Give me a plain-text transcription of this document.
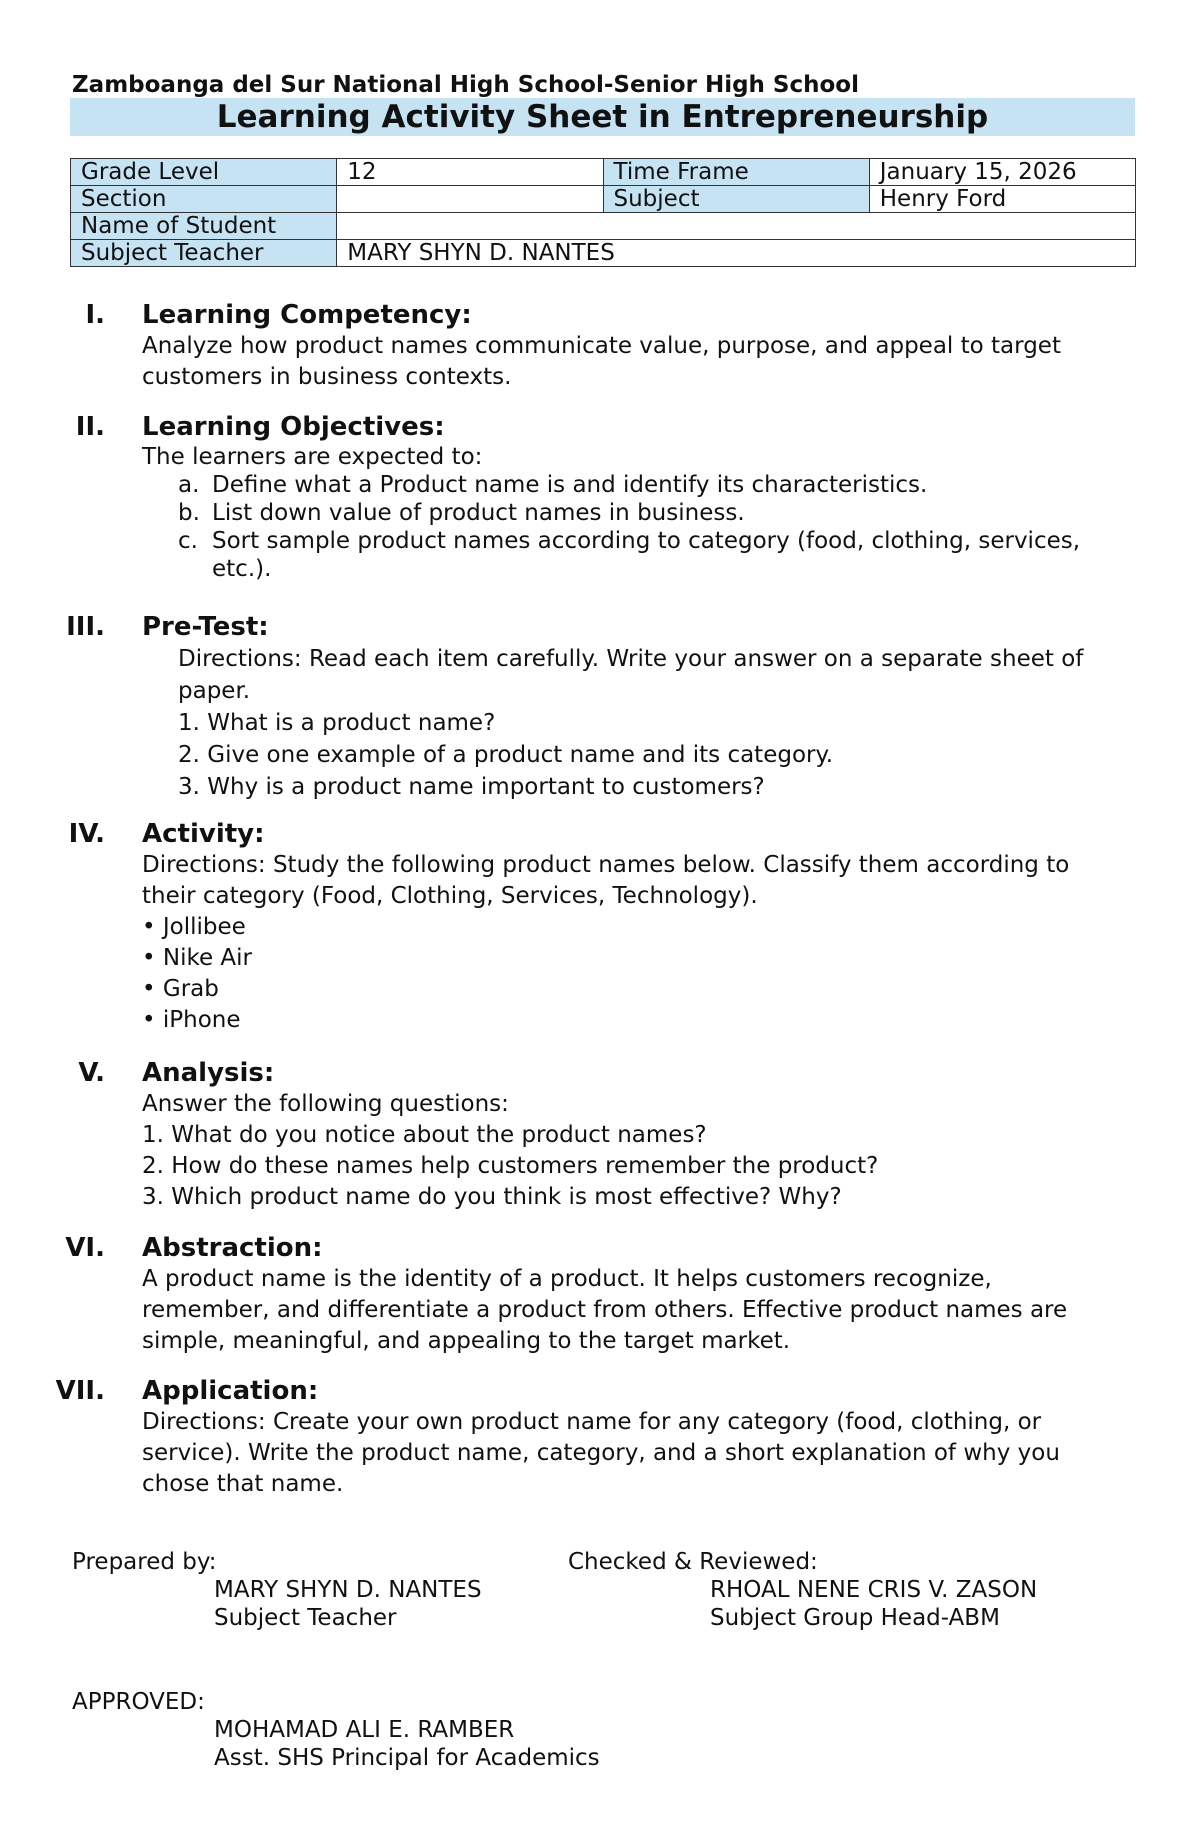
Zamboanga del Sur National High School-Senior High School
Learning Activity Sheet in Entrepreneurship
Grade Level	12	Time Frame	January 15, 2026
Section		Subject	Henry Ford
Name of Student			
Subject Teacher	MARY SHYN D. NANTES		
I. Learning Competency:
Analyze how product names communicate value, purpose, and appeal to target
customers in business contexts.
II. Learning Objectives:
The learners are expected to:
a. Define what a Product name is and identify its characteristics.
b. List down value of product names in business.
c. Sort sample product names according to category (food, clothing, services,
etc.).
III. Pre-Test:
Directions: Read each item carefully. Write your answer on a separate sheet of
paper.
1. What is a product name?
2. Give one example of a product name and its category.
3. Why is a product name important to customers?
IV. Activity:
Directions: Study the following product names below. Classify them according to
their category (Food, Clothing, Services, Technology).
• Jollibee
• Nike Air
• Grab
• iPhone
V. Analysis:
Answer the following questions:
1. What do you notice about the product names?
2. How do these names help customers remember the product?
3. Which product name do you think is most effective? Why?
VI. Abstraction:
A product name is the identity of a product. It helps customers recognize,
remember, and differentiate a product from others. Effective product names are
simple, meaningful, and appealing to the target market.
VII. Application:
Directions: Create your own product name for any category (food, clothing, or
service). Write the product name, category, and a short explanation of why you
chose that name.
Prepared by:
MARY SHYN D. NANTES
Subject Teacher
Checked & Reviewed:
RHOAL NENE CRIS V. ZASON
Subject Group Head-ABM
APPROVED:
MOHAMAD ALI E. RAMBER
Asst. SHS Principal for Academics
